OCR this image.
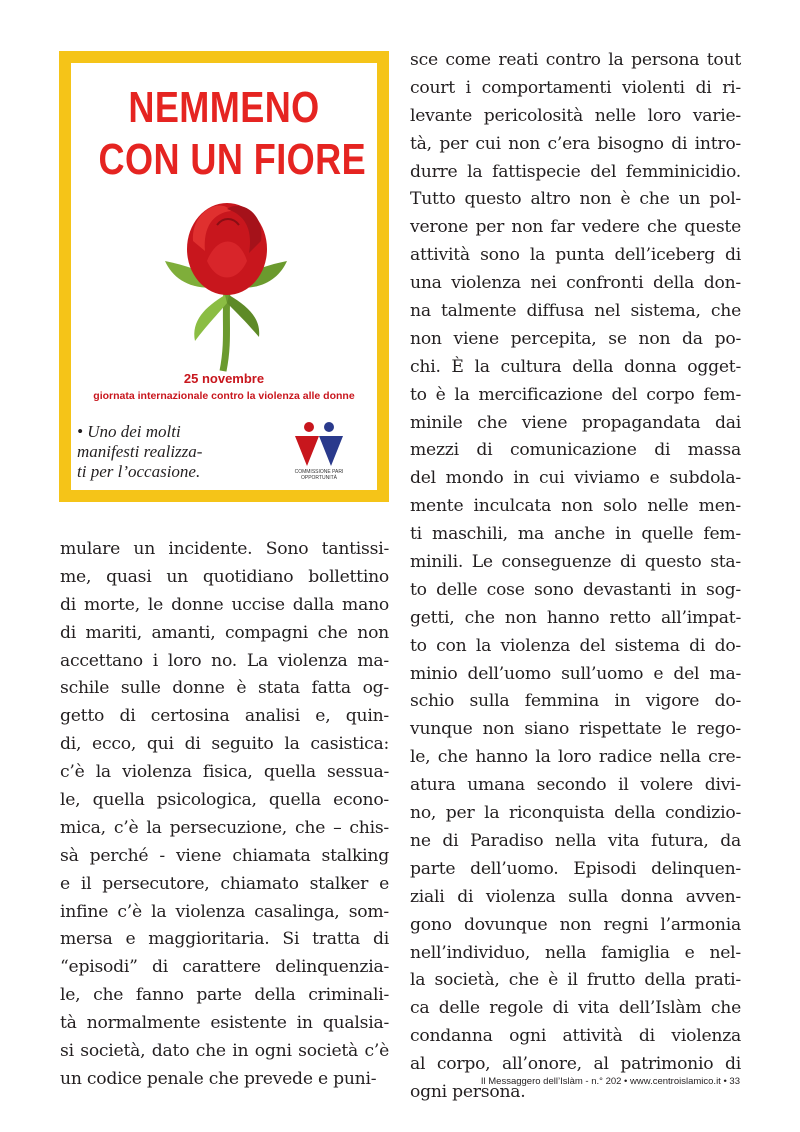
NEMMENO
CON UN FIORE
25 novembre
giornata internazionale contro la violenza alle donne
• Uno dei molti
manifesti realizza-
ti per l’occasione.	COMMISSIONE PARI
OPPORTUNITÀ
mulare un incidente. Sono tantissi-
me, quasi un quotidiano bollettino
di morte, le donne uccise dalla mano
di mariti, amanti, compagni che non
accettano i loro no. La violenza ma-
schile sulle donne è stata fatta og-
getto di certosina analisi e, quin-
di, ecco, qui di seguito la casistica:
c’è la violenza fisica, quella sessua-
le, quella psicologica, quella econo-
mica, c’è la persecuzione, che – chis-
sà perché - viene chiamata stalking
e il persecutore, chiamato stalker e
infine c’è la violenza casalinga, som-
mersa e maggioritaria. Si tratta di
“episodi” di carattere delinquenzia-
le, che fanno parte della criminali-
tà normalmente esistente in qualsia-
si società, dato che in ogni società c’è
un codice penale che prevede e puni-
sce come reati contro la persona tout
court i comportamenti violenti di ri-
levante pericolosità nelle loro varie-
tà, per cui non c’era bisogno di intro-
durre la fattispecie del femminicidio.
Tutto questo altro non è che un pol-
verone per non far vedere che queste
attività sono la punta dell’iceberg di
una violenza nei confronti della don-
na talmente diffusa nel sistema, che
non viene percepita, se non da po-
chi. È la cultura della donna ogget-
to è la mercificazione del corpo fem-
minile che viene propagandata dai
mezzi di comunicazione di massa
del mondo in cui viviamo e subdola-
mente inculcata non solo nelle men-
ti maschili, ma anche in quelle fem-
minili. Le conseguenze di questo sta-
to delle cose sono devastanti in sog-
getti, che non hanno retto all’impat-
to con la violenza del sistema di do-
minio dell’uomo sull’uomo e del ma-
schio sulla femmina in vigore do-
vunque non siano rispettate le rego-
le, che hanno la loro radice nella cre-
atura umana secondo il volere divi-
no, per la riconquista della condizio-
ne di Paradiso nella vita futura, da
parte dell’uomo. Episodi delinquen-
ziali di violenza sulla donna avven-
gono dovunque non regni l’armonia
nell’individuo, nella famiglia e nel-
la società, che è il frutto della prati-
ca delle regole di vita dell’Islàm che
condanna ogni attività di violenza
al corpo, all’onore, al patrimonio di
ogni persona.
Il Messaggero dell’Islàm - n.° 202 • www.centroislamico.it • 33
